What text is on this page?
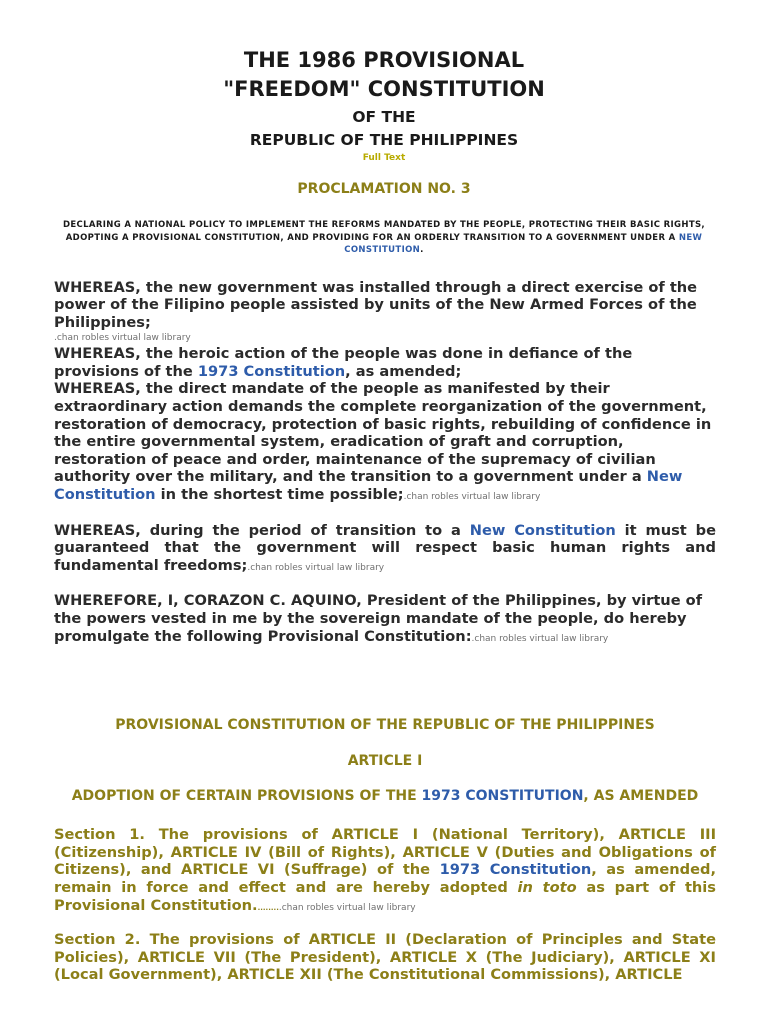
THE 1986 PROVISIONAL
"FREEDOM" CONSTITUTION
OF THE
REPUBLIC OF THE PHILIPPINES
Full Text
PROCLAMATION NO. 3
DECLARING A NATIONAL POLICY TO IMPLEMENT THE REFORMS MANDATED BY THE PEOPLE, PROTECTING THEIR BASIC RIGHTS, ADOPTING A PROVISIONAL CONSTITUTION, AND PROVIDING FOR AN ORDERLY TRANSITION TO A GOVERNMENT UNDER A NEW CONSTITUTION.
WHEREAS, the new government was installed through a direct exercise of the power of the Filipino people assisted by units of the New Armed Forces of the Philippines;
.chan robles virtual law library
WHEREAS, the heroic action of the people was done in defiance of the provisions of the 1973 Constitution, as amended;
WHEREAS, the direct mandate of the people as manifested by their extraordinary action demands the complete reorganization of the government, restoration of democracy, protection of basic rights, rebuilding of confidence in the entire governmental system, eradication of graft and corruption, restoration of peace and order, maintenance of the supremacy of civilian authority over the military, and the transition to a government under a New Constitution in the shortest time possible;.chan robles virtual law library
WHEREAS, during the period of transition to a New Constitution it must be guaranteed that the government will respect basic human rights and fundamental freedoms;.chan robles virtual law library
WHEREFORE, I, CORAZON C. AQUINO, President of the Philippines, by virtue of the powers vested in me by the sovereign mandate of the people, do hereby promulgate the following Provisional Constitution:.chan robles virtual law library
PROVISIONAL CONSTITUTION OF THE REPUBLIC OF THE PHILIPPINES
ARTICLE I
ADOPTION OF CERTAIN PROVISIONS OF THE 1973 CONSTITUTION, AS AMENDED
Section 1. The provisions of ARTICLE I (National Territory), ARTICLE III (Citizenship), ARTICLE IV (Bill of Rights), ARTICLE V (Duties and Obligations of Citizens), and ARTICLE VI (Suffrage) of the 1973 Constitution, as amended, remain in force and effect and are hereby adopted in toto as part of this Provisional Constitution..........chan robles virtual law library
Section 2. The provisions of ARTICLE II (Declaration of Principles and State Policies), ARTICLE VII (The President), ARTICLE X (The Judiciary), ARTICLE XI (Local Government), ARTICLE XII (The Constitutional Commissions), ARTICLE
